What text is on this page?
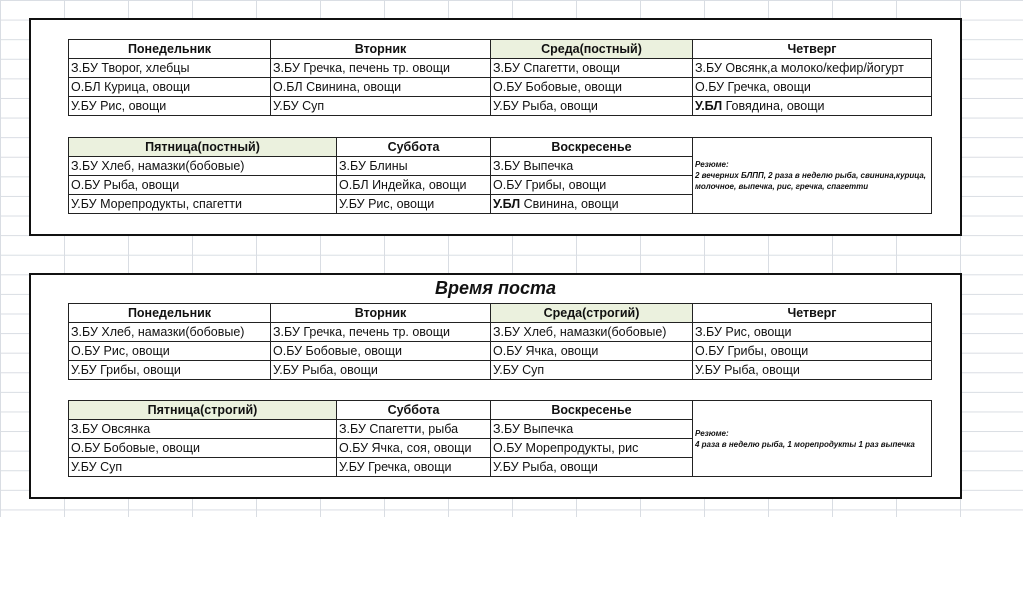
Понедельник	Вторник	Среда(постный)	Четверг
З.БУ Творог, хлебцы	З.БУ Гречка, печень тр. овощи	З.БУ Спагетти, овощи	З.БУ Овсянк,а молоко/кефир/йогурт
О.БЛ Курица, овощи	О.БЛ Свинина, овощи	О.БУ Бобовые, овощи	О.БУ Гречка, овощи
У.БУ Рис, овощи	У.БУ Суп	У.БУ Рыба, овощи	У.БЛ Говядина, овощи
Пятница(постный)	Суббота	Воскресенье	Резюме:
2 вечерних БЛПП, 2 раза в неделю рыба, свинина,курица, молочное, выпечка, рис, гречка, спагетти

З.БУ Хлеб, намазки(бобовые)	З.БУ Блины	З.БУ Выпечка	
О.БУ Рыба, овощи	О.БЛ Индейка, овощи	О.БУ Грибы, овощи	
У.БУ Морепродукты, спагетти	У.БУ Рис, овощи	У.БЛ Свинина, овощи	
Время поста
Понедельник	Вторник	Среда(строгий)	Четверг
З.БУ Хлеб, намазки(бобовые)	З.БУ Гречка, печень тр. овощи	З.БУ Хлеб, намазки(бобовые)	З.БУ Рис, овощи
О.БУ Рис, овощи	О.БУ Бобовые, овощи	О.БУ Ячка, овощи	О.БУ Грибы, овощи
У.БУ Грибы, овощи	У.БУ Рыба, овощи	У.БУ Суп	У.БУ Рыба, овощи
Пятница(строгий)	Суббота	Воскресенье	Резюме:
4 раза в неделю рыба, 1 морепродукты 1 раз выпечка

З.БУ Овсянка	З.БУ Спагетти, рыба	З.БУ Выпечка	
О.БУ Бобовые, овощи	О.БУ Ячка, соя, овощи	О.БУ Морепродукты, рис	
У.БУ Суп	У.БУ Гречка, овощи	У.БУ Рыба, овощи	
